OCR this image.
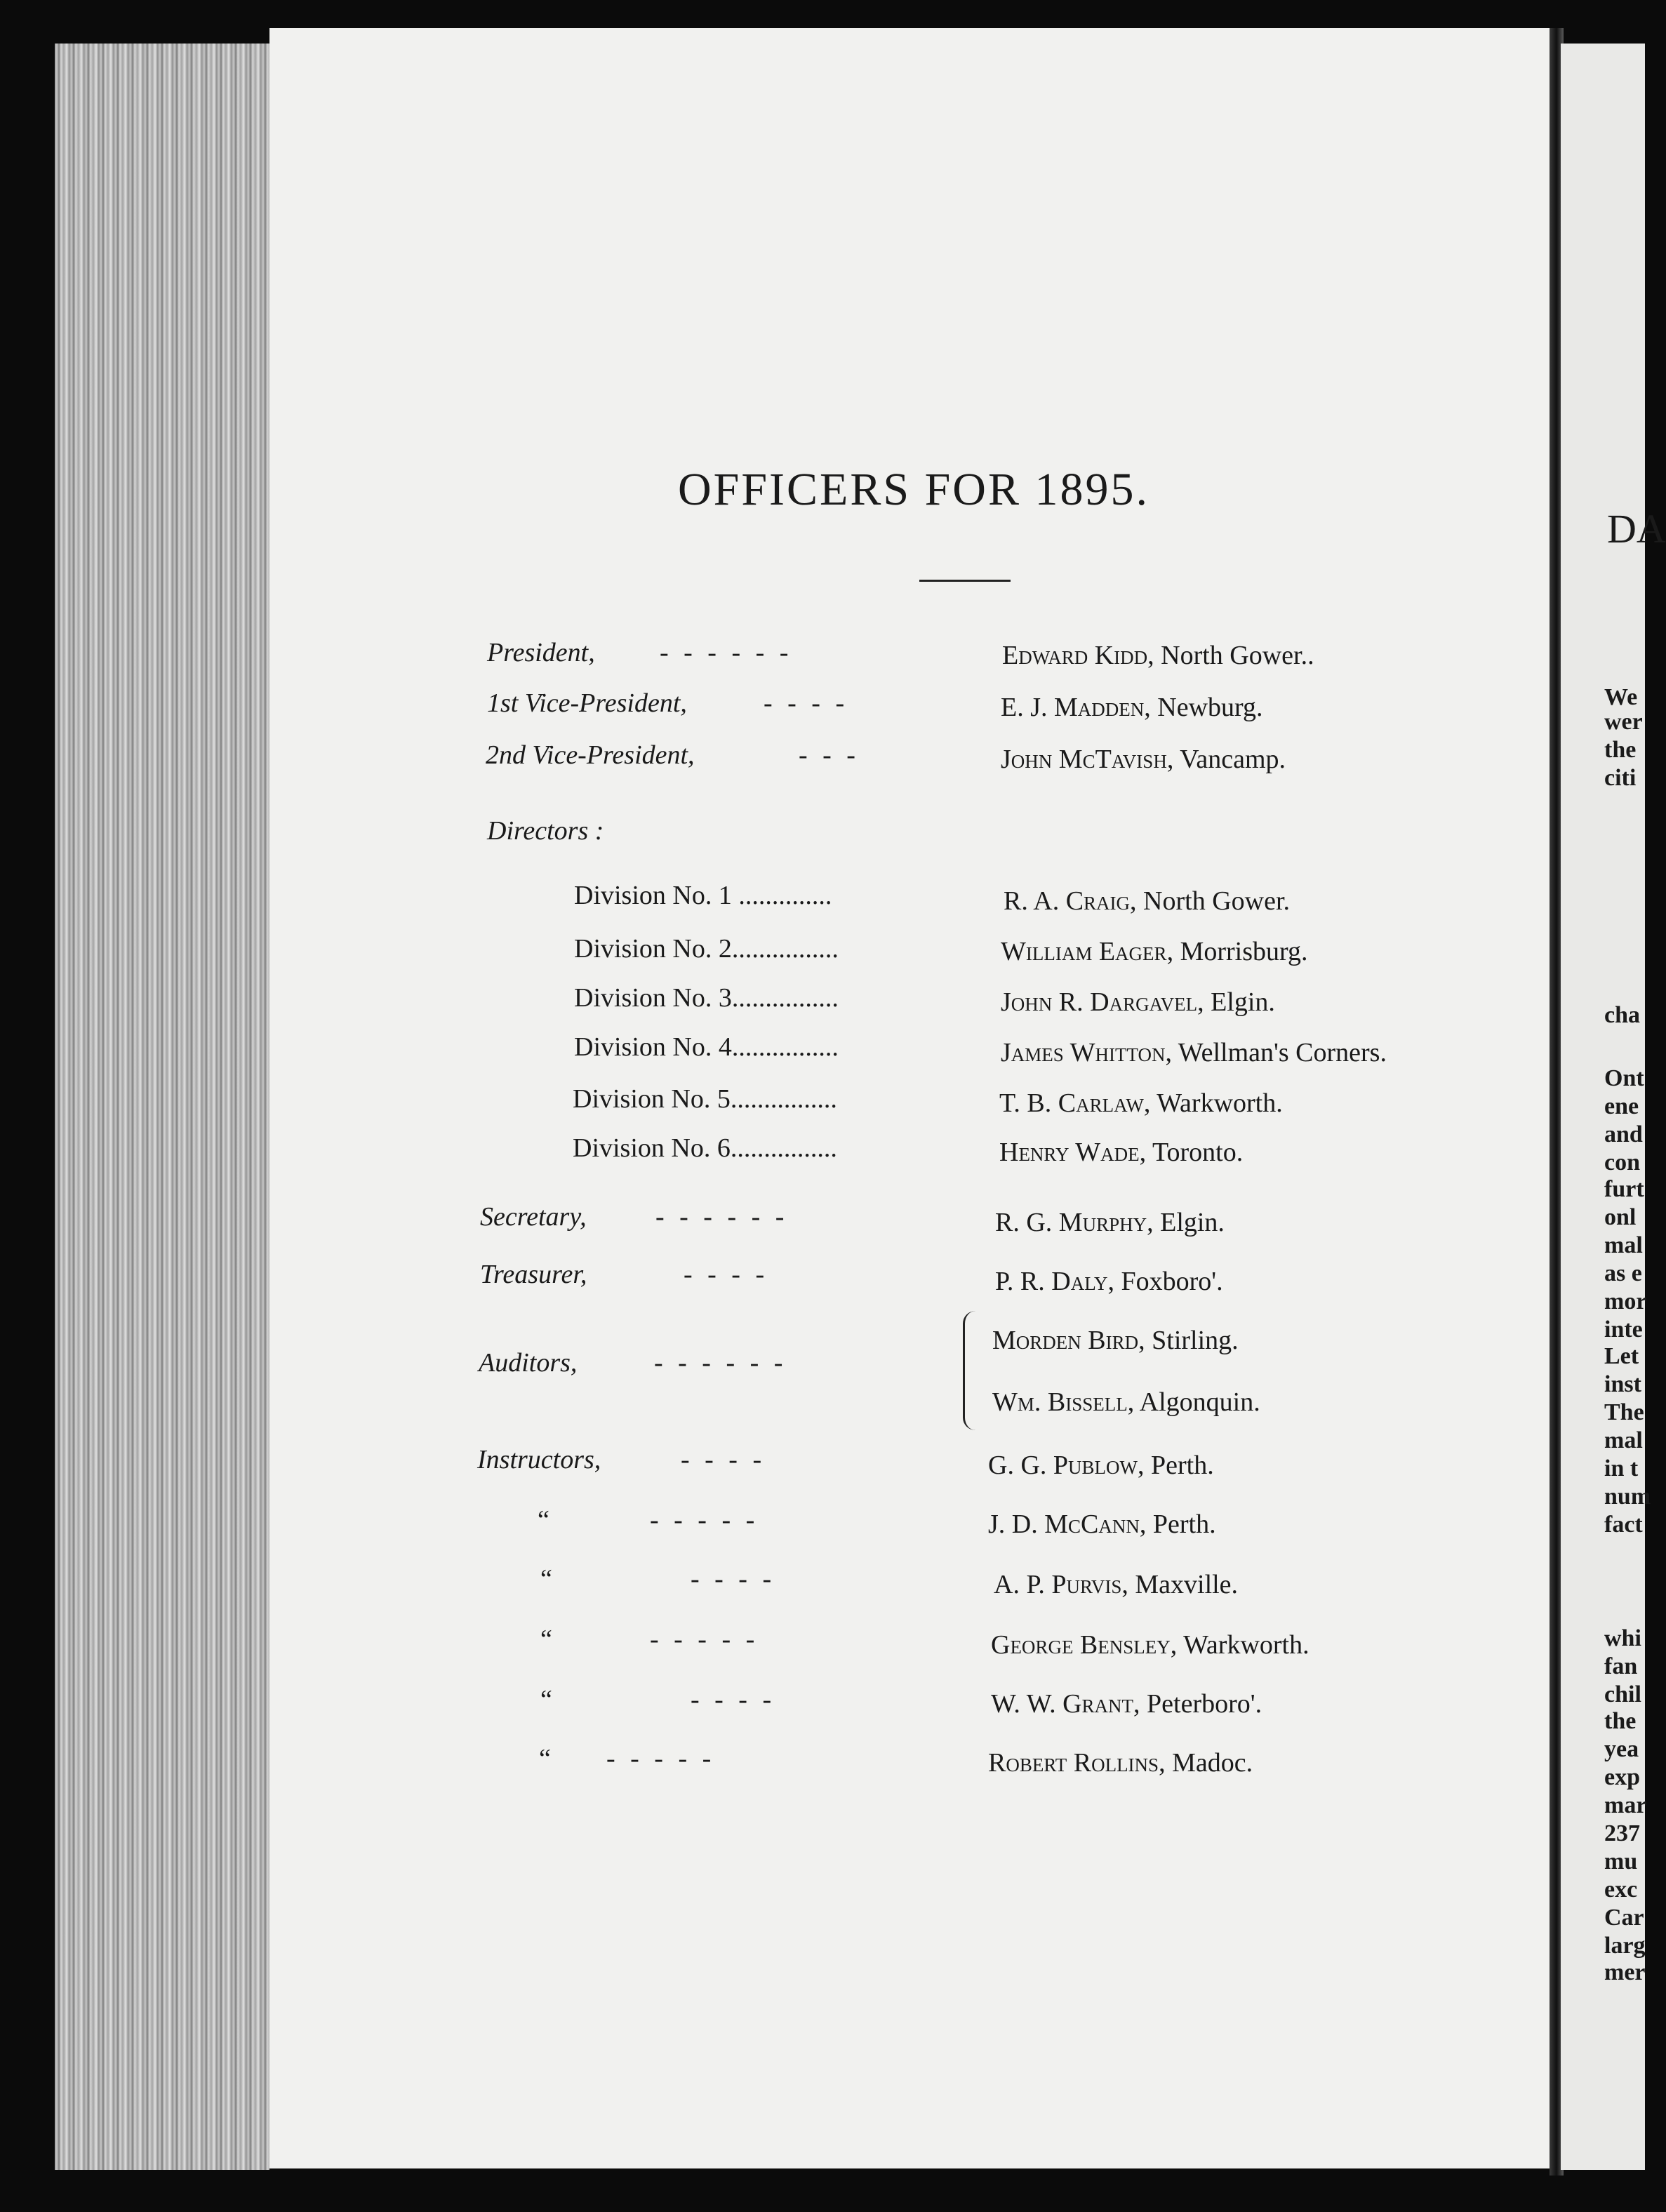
OFFICERS FOR 1895.
President, - - - - - -	Edward Kidd, North Gower..
1st Vice-President,	- - - -	E. J. Madden, Newburg.
2nd Vice-President,	- - -	John McTavish, Vancamp.
Directors :
Division No. 1 ..............	R. A. Craig, North Gower.
Division No. 2................	William Eager, Morrisburg.
Division No. 3................	John R. Dargavel, Elgin.
Division No. 4................	James Whitton, Wellman's Corners.
Division No. 5................	T. B. Carlaw, Warkworth.
Division No. 6................	Henry Wade, Toronto.
Secretary,	- - - - - -	R. G. Murphy, Elgin.
Treasurer,	- - - -	P. R. Daly, Foxboro'.
Auditors,	- - - - - -
Morden Bird, Stirling.
Wm. Bissell, Algonquin.
Instructors,	- - - -	G. G. Publow, Perth.
“	- - - - -	J. D. McCann, Perth.
“	- - - -	A. P. Purvis, Maxville.
“	- - - - -	George Bensley, Warkworth.
“	- - - -	W. W. Grant, Peterboro'.
“ - - - - -	Robert Rollins, Madoc.
DA
We
wer
the
citi
cha
Ont
ene
and
con
furt
onl
mal
as e
mor
inte
Let
inst
The
mal
in t
num
fact
whi
fan
chil
the
yea
exp
mar
237
mu
exc
Car
larg
mer
